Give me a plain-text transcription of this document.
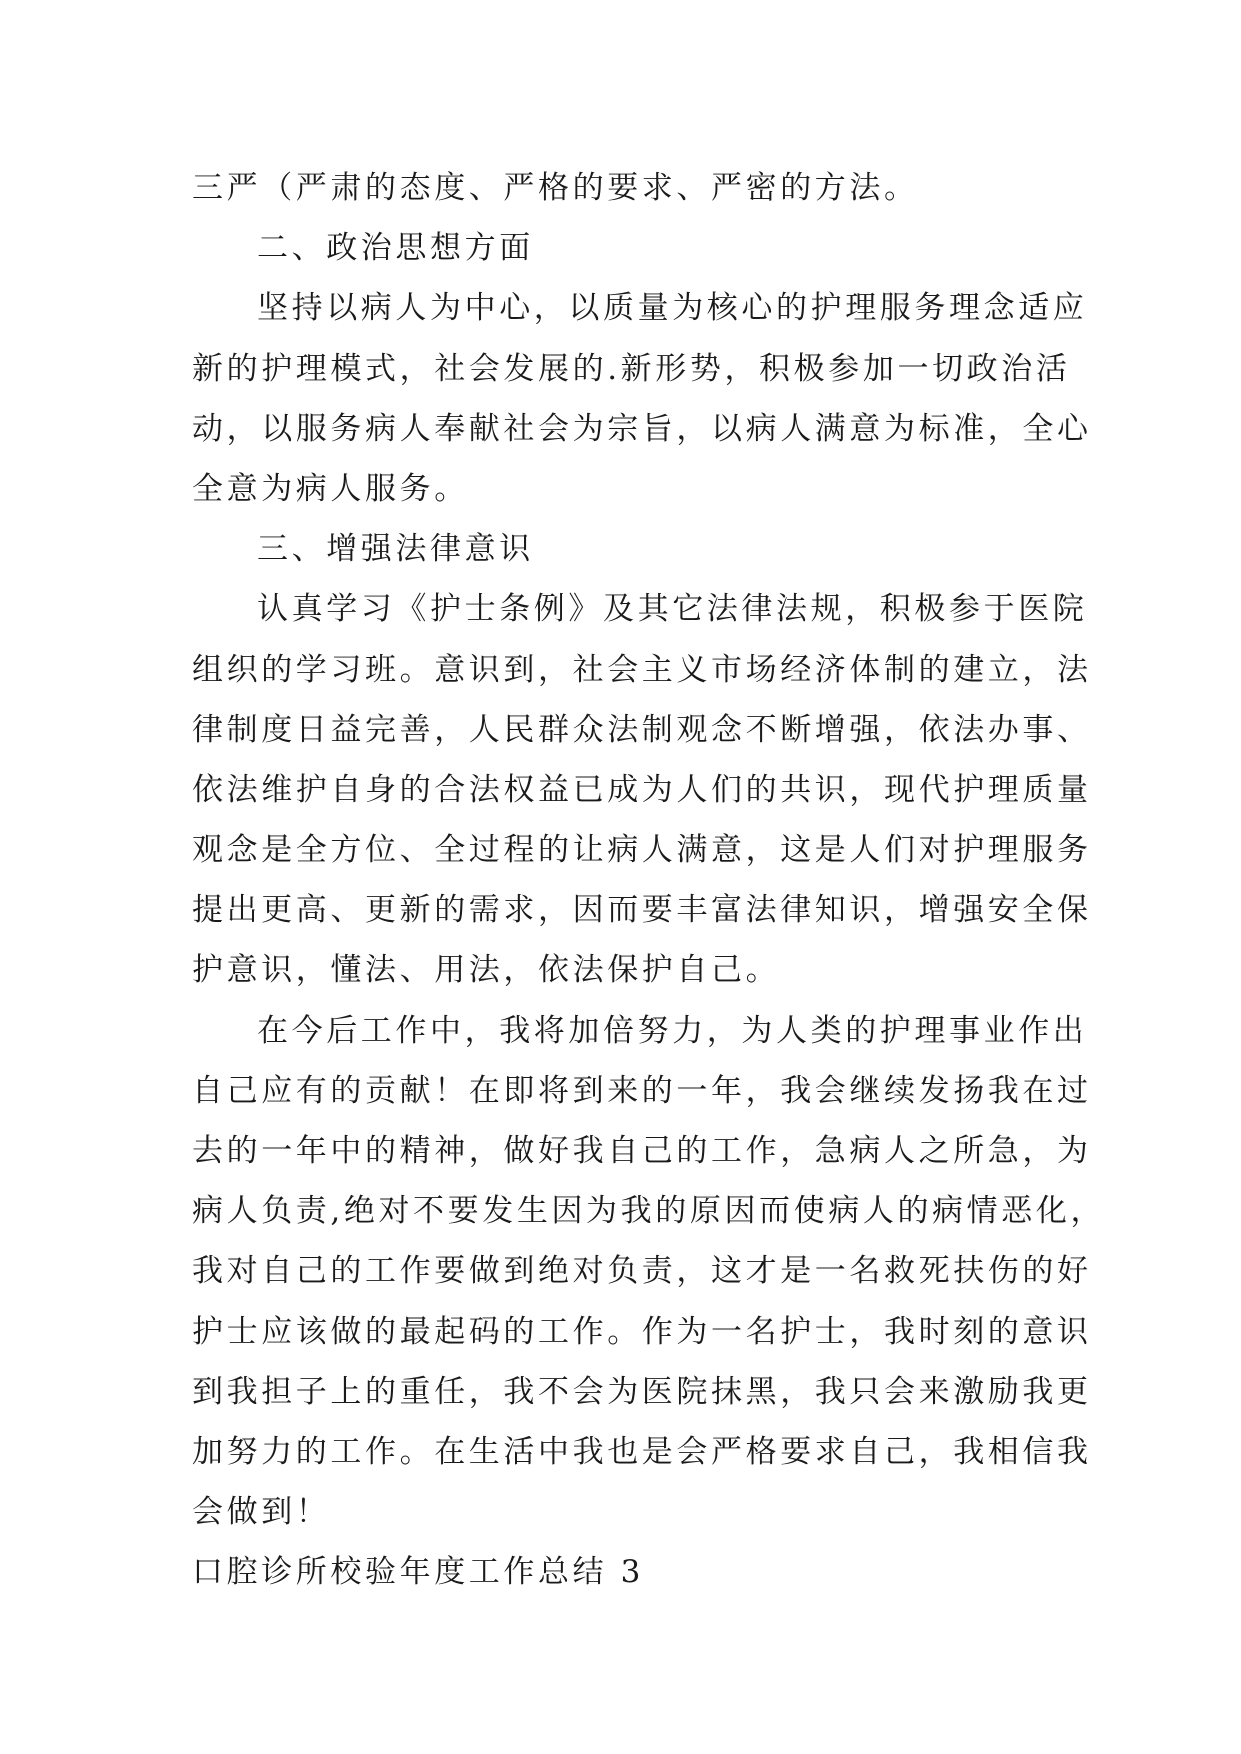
三严（严肃的态度、严格的要求、严密的方法。
二、政治思想方面
坚持以病人为中心，以质量为核心的护理服务理念适应
新的护理模式，社会发展的.新形势，积极参加一切政治活
动，以服务病人奉献社会为宗旨，以病人满意为标准，全心
全意为病人服务。
三、增强法律意识
认真学习《护士条例》及其它法律法规，积极参于医院
组织的学习班。意识到，社会主义市场经济体制的建立，法
律制度日益完善，人民群众法制观念不断增强，依法办事、
依法维护自身的合法权益已成为人们的共识，现代护理质量
观念是全方位、全过程的让病人满意，这是人们对护理服务
提出更高、更新的需求，因而要丰富法律知识，增强安全保
护意识，懂法、用法，依法保护自己。
在今后工作中，我将加倍努力，为人类的护理事业作出
自己应有的贡献！在即将到来的一年，我会继续发扬我在过
去的一年中的精神，做好我自己的工作，急病人之所急，为
病人负责,绝对不要发生因为我的原因而使病人的病情恶化，
我对自己的工作要做到绝对负责，这才是一名救死扶伤的好
护士应该做的最起码的工作。作为一名护士，我时刻的意识
到我担子上的重任，我不会为医院抹黑，我只会来激励我更
加努力的工作。在生活中我也是会严格要求自己，我相信我
会做到！
口腔诊所校验年度工作总结 3
